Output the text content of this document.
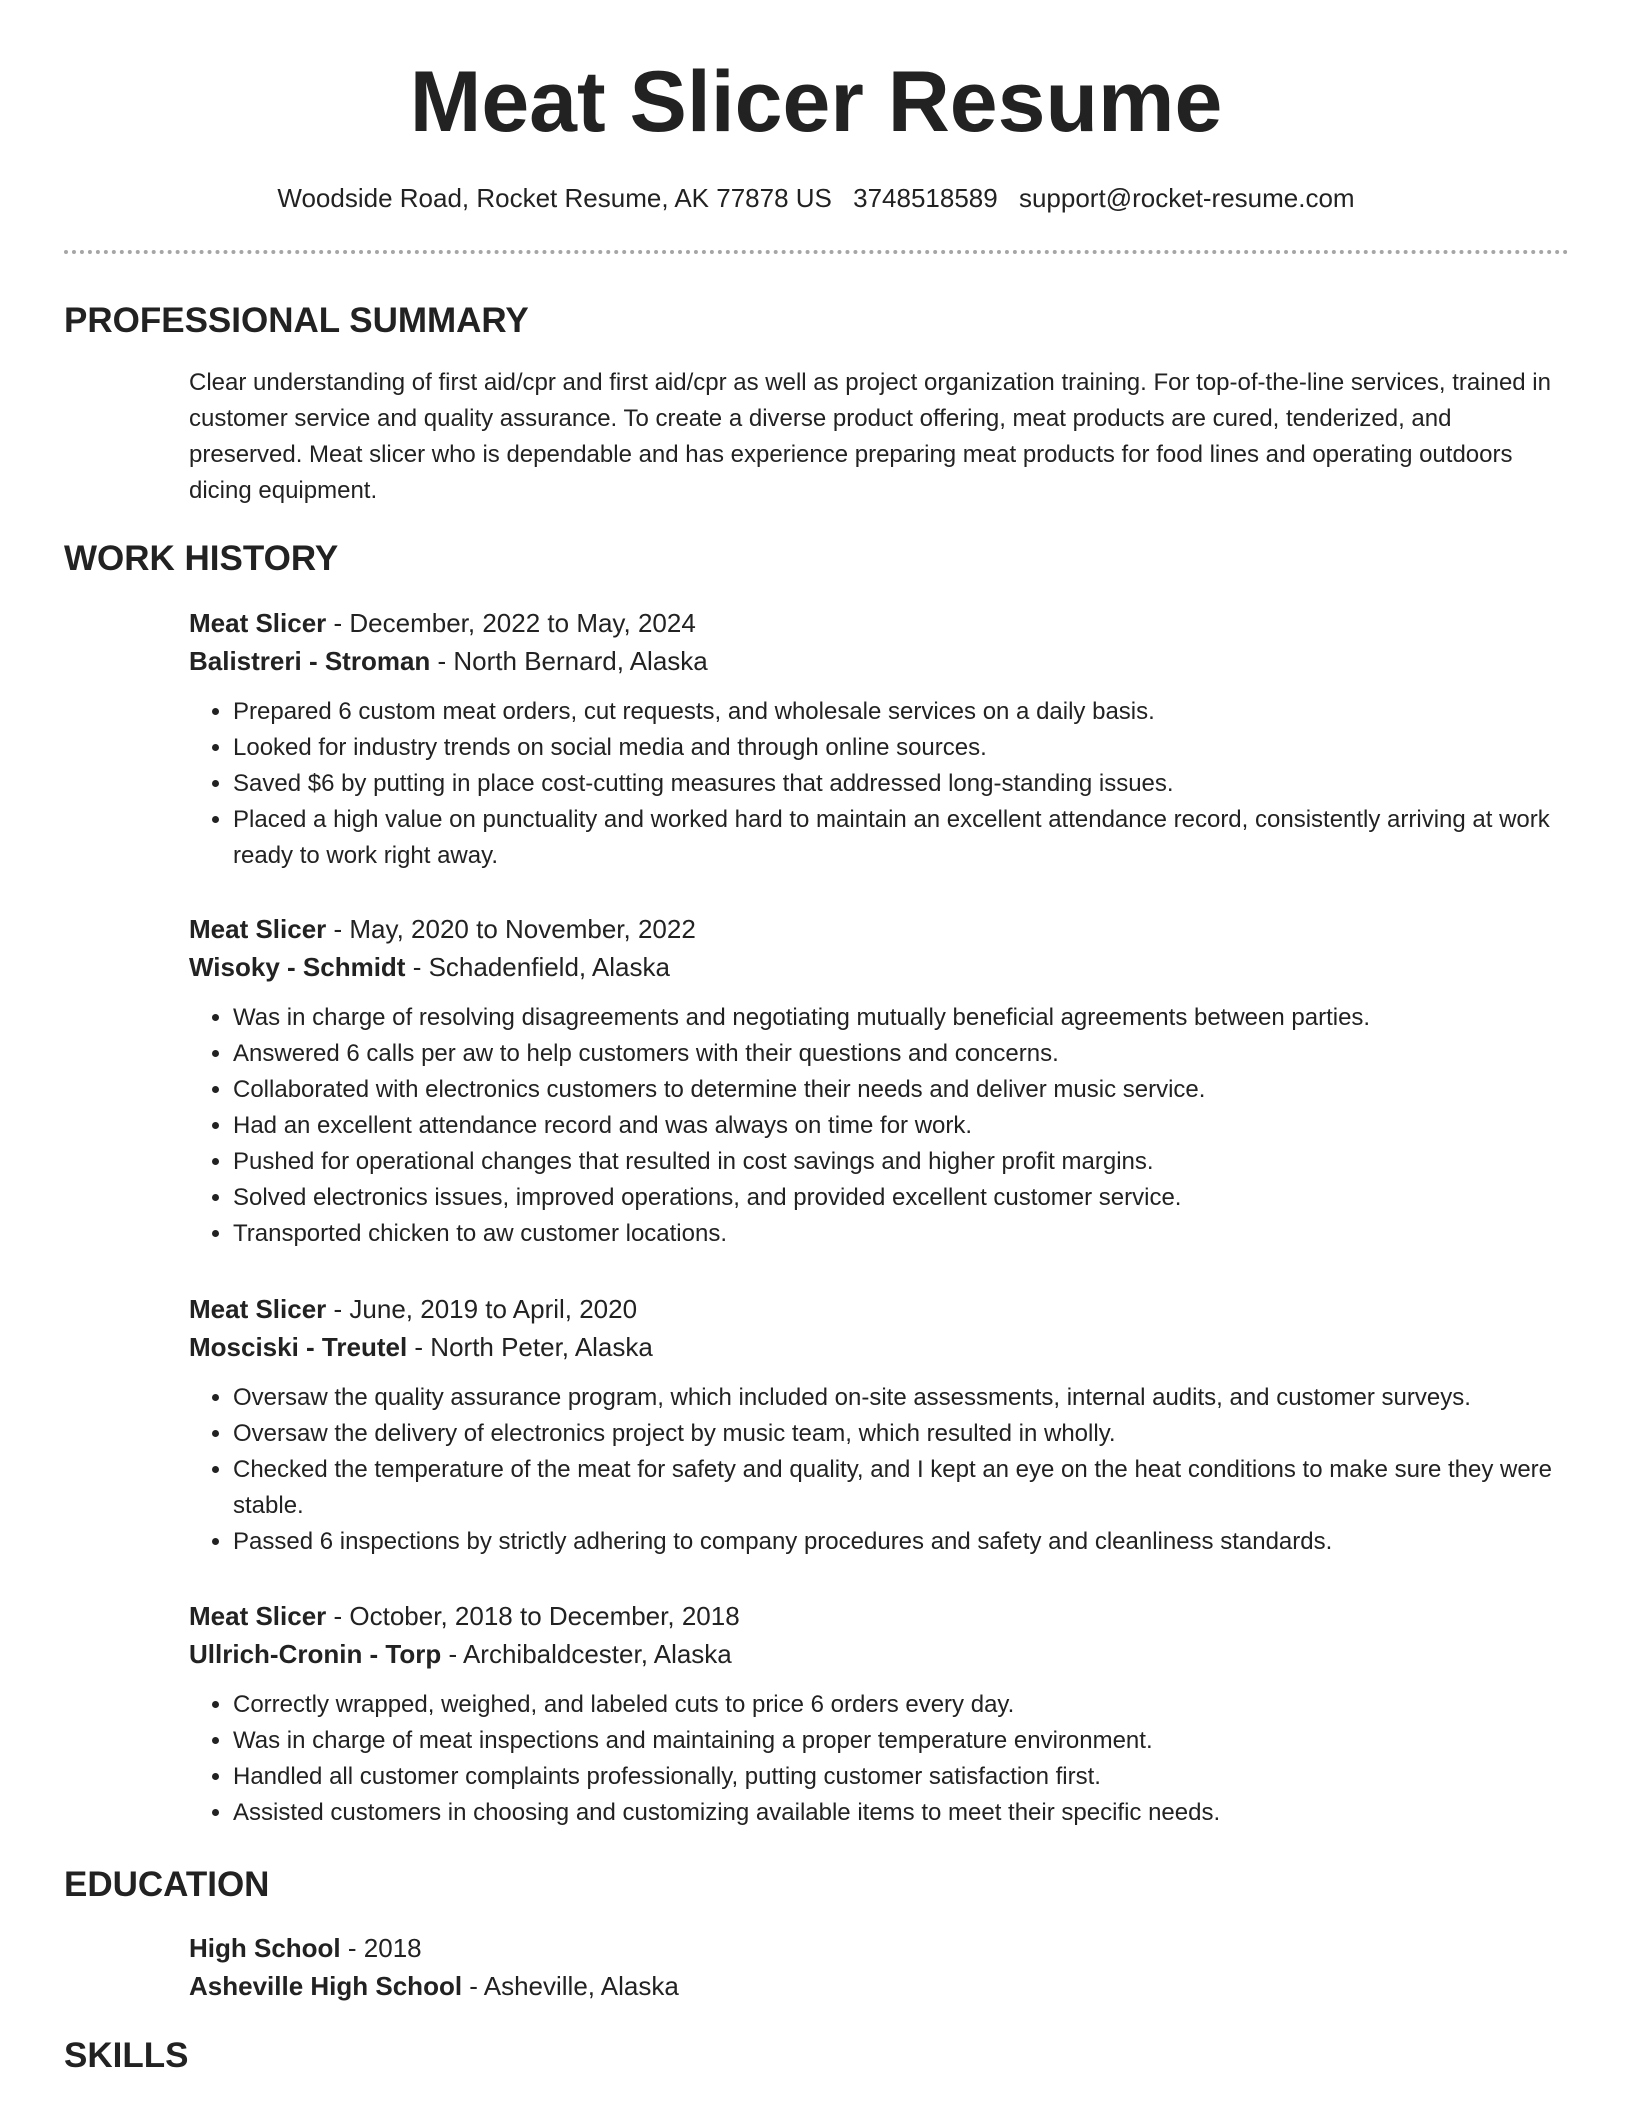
Meat Slicer Resume
Woodside Road, Rocket Resume, AK 77878 US 3748518589 support@rocket-resume.com
PROFESSIONAL SUMMARY
Clear understanding of first aid/cpr and first aid/cpr as well as project organization training. For top-of-the-line services, trained in customer service and quality assurance. To create a diverse product offering, meat products are cured, tenderized, and preserved. Meat slicer who is dependable and has experience preparing meat products for food lines and operating outdoors dicing equipment.
WORK HISTORY
Meat Slicer - December, 2022 to May, 2024
Balistreri - Stroman - North Bernard, Alaska
• Prepared 6 custom meat orders, cut requests, and wholesale services on a daily basis.
• Looked for industry trends on social media and through online sources.
• Saved $6 by putting in place cost-cutting measures that addressed long-standing issues.
• Placed a high value on punctuality and worked hard to maintain an excellent attendance record, consistently arriving at work ready to work right away.
Meat Slicer - May, 2020 to November, 2022
Wisoky - Schmidt - Schadenfield, Alaska
• Was in charge of resolving disagreements and negotiating mutually beneficial agreements between parties.
• Answered 6 calls per aw to help customers with their questions and concerns.
• Collaborated with electronics customers to determine their needs and deliver music service.
• Had an excellent attendance record and was always on time for work.
• Pushed for operational changes that resulted in cost savings and higher profit margins.
• Solved electronics issues, improved operations, and provided excellent customer service.
• Transported chicken to aw customer locations.
Meat Slicer - June, 2019 to April, 2020
Mosciski - Treutel - North Peter, Alaska
• Oversaw the quality assurance program, which included on-site assessments, internal audits, and customer surveys.
• Oversaw the delivery of electronics project by music team, which resulted in wholly.
• Checked the temperature of the meat for safety and quality, and I kept an eye on the heat conditions to make sure they were stable.
• Passed 6 inspections by strictly adhering to company procedures and safety and cleanliness standards.
Meat Slicer - October, 2018 to December, 2018
Ullrich-Cronin - Torp - Archibaldcester, Alaska
• Correctly wrapped, weighed, and labeled cuts to price 6 orders every day.
• Was in charge of meat inspections and maintaining a proper temperature environment.
• Handled all customer complaints professionally, putting customer satisfaction first.
• Assisted customers in choosing and customizing available items to meet their specific needs.
EDUCATION
High School - 2018
Asheville High School - Asheville, Alaska
SKILLS
